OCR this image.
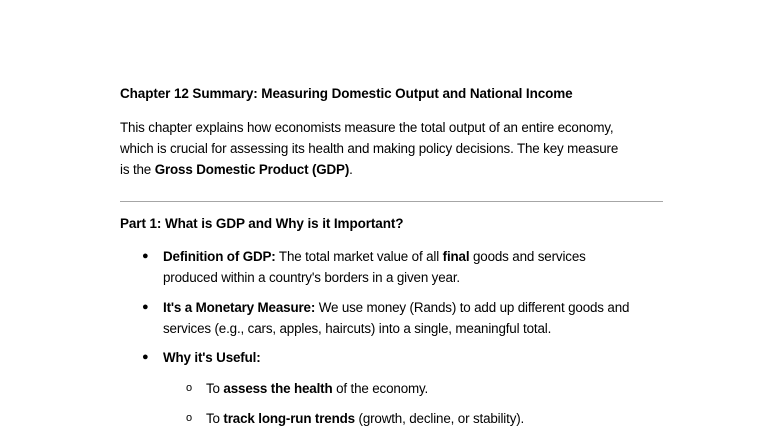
Chapter 12 Summary: Measuring Domestic Output and National Income

This chapter explains how economists measure the total output of an entire economy,

which is crucial for assessing its health and making policy decisions. The key measure

is the Gross Domestic Product (GDP).

Part 1: What is GDP and Why is it Important?
● Definition of GDP: The total market value of all final goods and services
produced within a country's borders in a given year.
● It's a Monetary Measure: We use money (Rands) to add up different goods and
services (e.g., cars, apples, haircuts) into a single, meaningful total.
● Why it's Useful:
o To assess the health of the economy.
o To track long-run trends (growth, decline, or stability).
